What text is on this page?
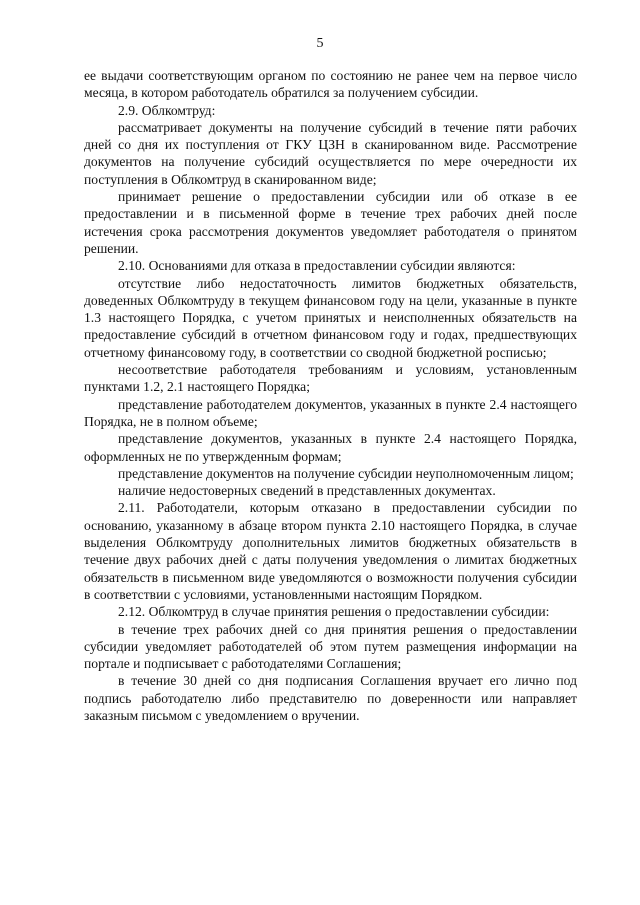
5

ее выдачи соответствующим органом по состоянию не ранее чем на первое число месяца, в котором работодатель обратился за получением субсидии.

2.9. Облкомтруд:

рассматривает документы на получение субсидий в течение пяти рабочих дней со дня их поступления от ГКУ ЦЗН в сканированном виде. Рассмотрение документов на получение субсидий осуществляется по мере очередности их поступления в Облкомтруд в сканированном виде;

принимает решение о предоставлении субсидии или об отказе в ее предоставлении и в письменной форме в течение трех рабочих дней после истечения срока рассмотрения документов уведомляет работодателя о принятом решении.

2.10. Основаниями для отказа в предоставлении субсидии являются:

отсутствие либо недостаточность лимитов бюджетных обязательств, доведенных Облкомтруду в текущем финансовом году на цели, указанные в пункте 1.3 настоящего Порядка, с учетом принятых и неисполненных обязательств на предоставление субсидий в отчетном финансовом году и годах, предшествующих отчетному финансовому году, в соответствии со сводной бюджетной росписью;

несоответствие работодателя требованиям и условиям, установленным пунктами 1.2, 2.1 настоящего Порядка;

представление работодателем документов, указанных в пункте 2.4 настоящего Порядка, не в полном объеме;

представление документов, указанных в пункте 2.4 настоящего Порядка, оформленных не по утвержденным формам;

представление документов на получение субсидии неуполномоченным лицом;

наличие недостоверных сведений в представленных документах.

2.11. Работодатели, которым отказано в предоставлении субсидии по основанию, указанному в абзаце втором пункта 2.10 настоящего Порядка, в случае выделения Облкомтруду дополнительных лимитов бюджетных обязательств в течение двух рабочих дней с даты получения уведомления о лимитах бюджетных обязательств в письменном виде уведомляются о возможности получения субсидии в соответствии с условиями, установленными настоящим Порядком.

2.12. Облкомтруд в случае принятия решения о предоставлении субсидии:

в течение трех рабочих дней со дня принятия решения о предоставлении субсидии уведомляет работодателей об этом путем размещения информации на портале и подписывает с работодателями Соглашения;

в течение 30 дней со дня подписания Соглашения вручает его лично под подпись работодателю либо представителю по доверенности или направляет заказным письмом с уведомлением о вручении.
